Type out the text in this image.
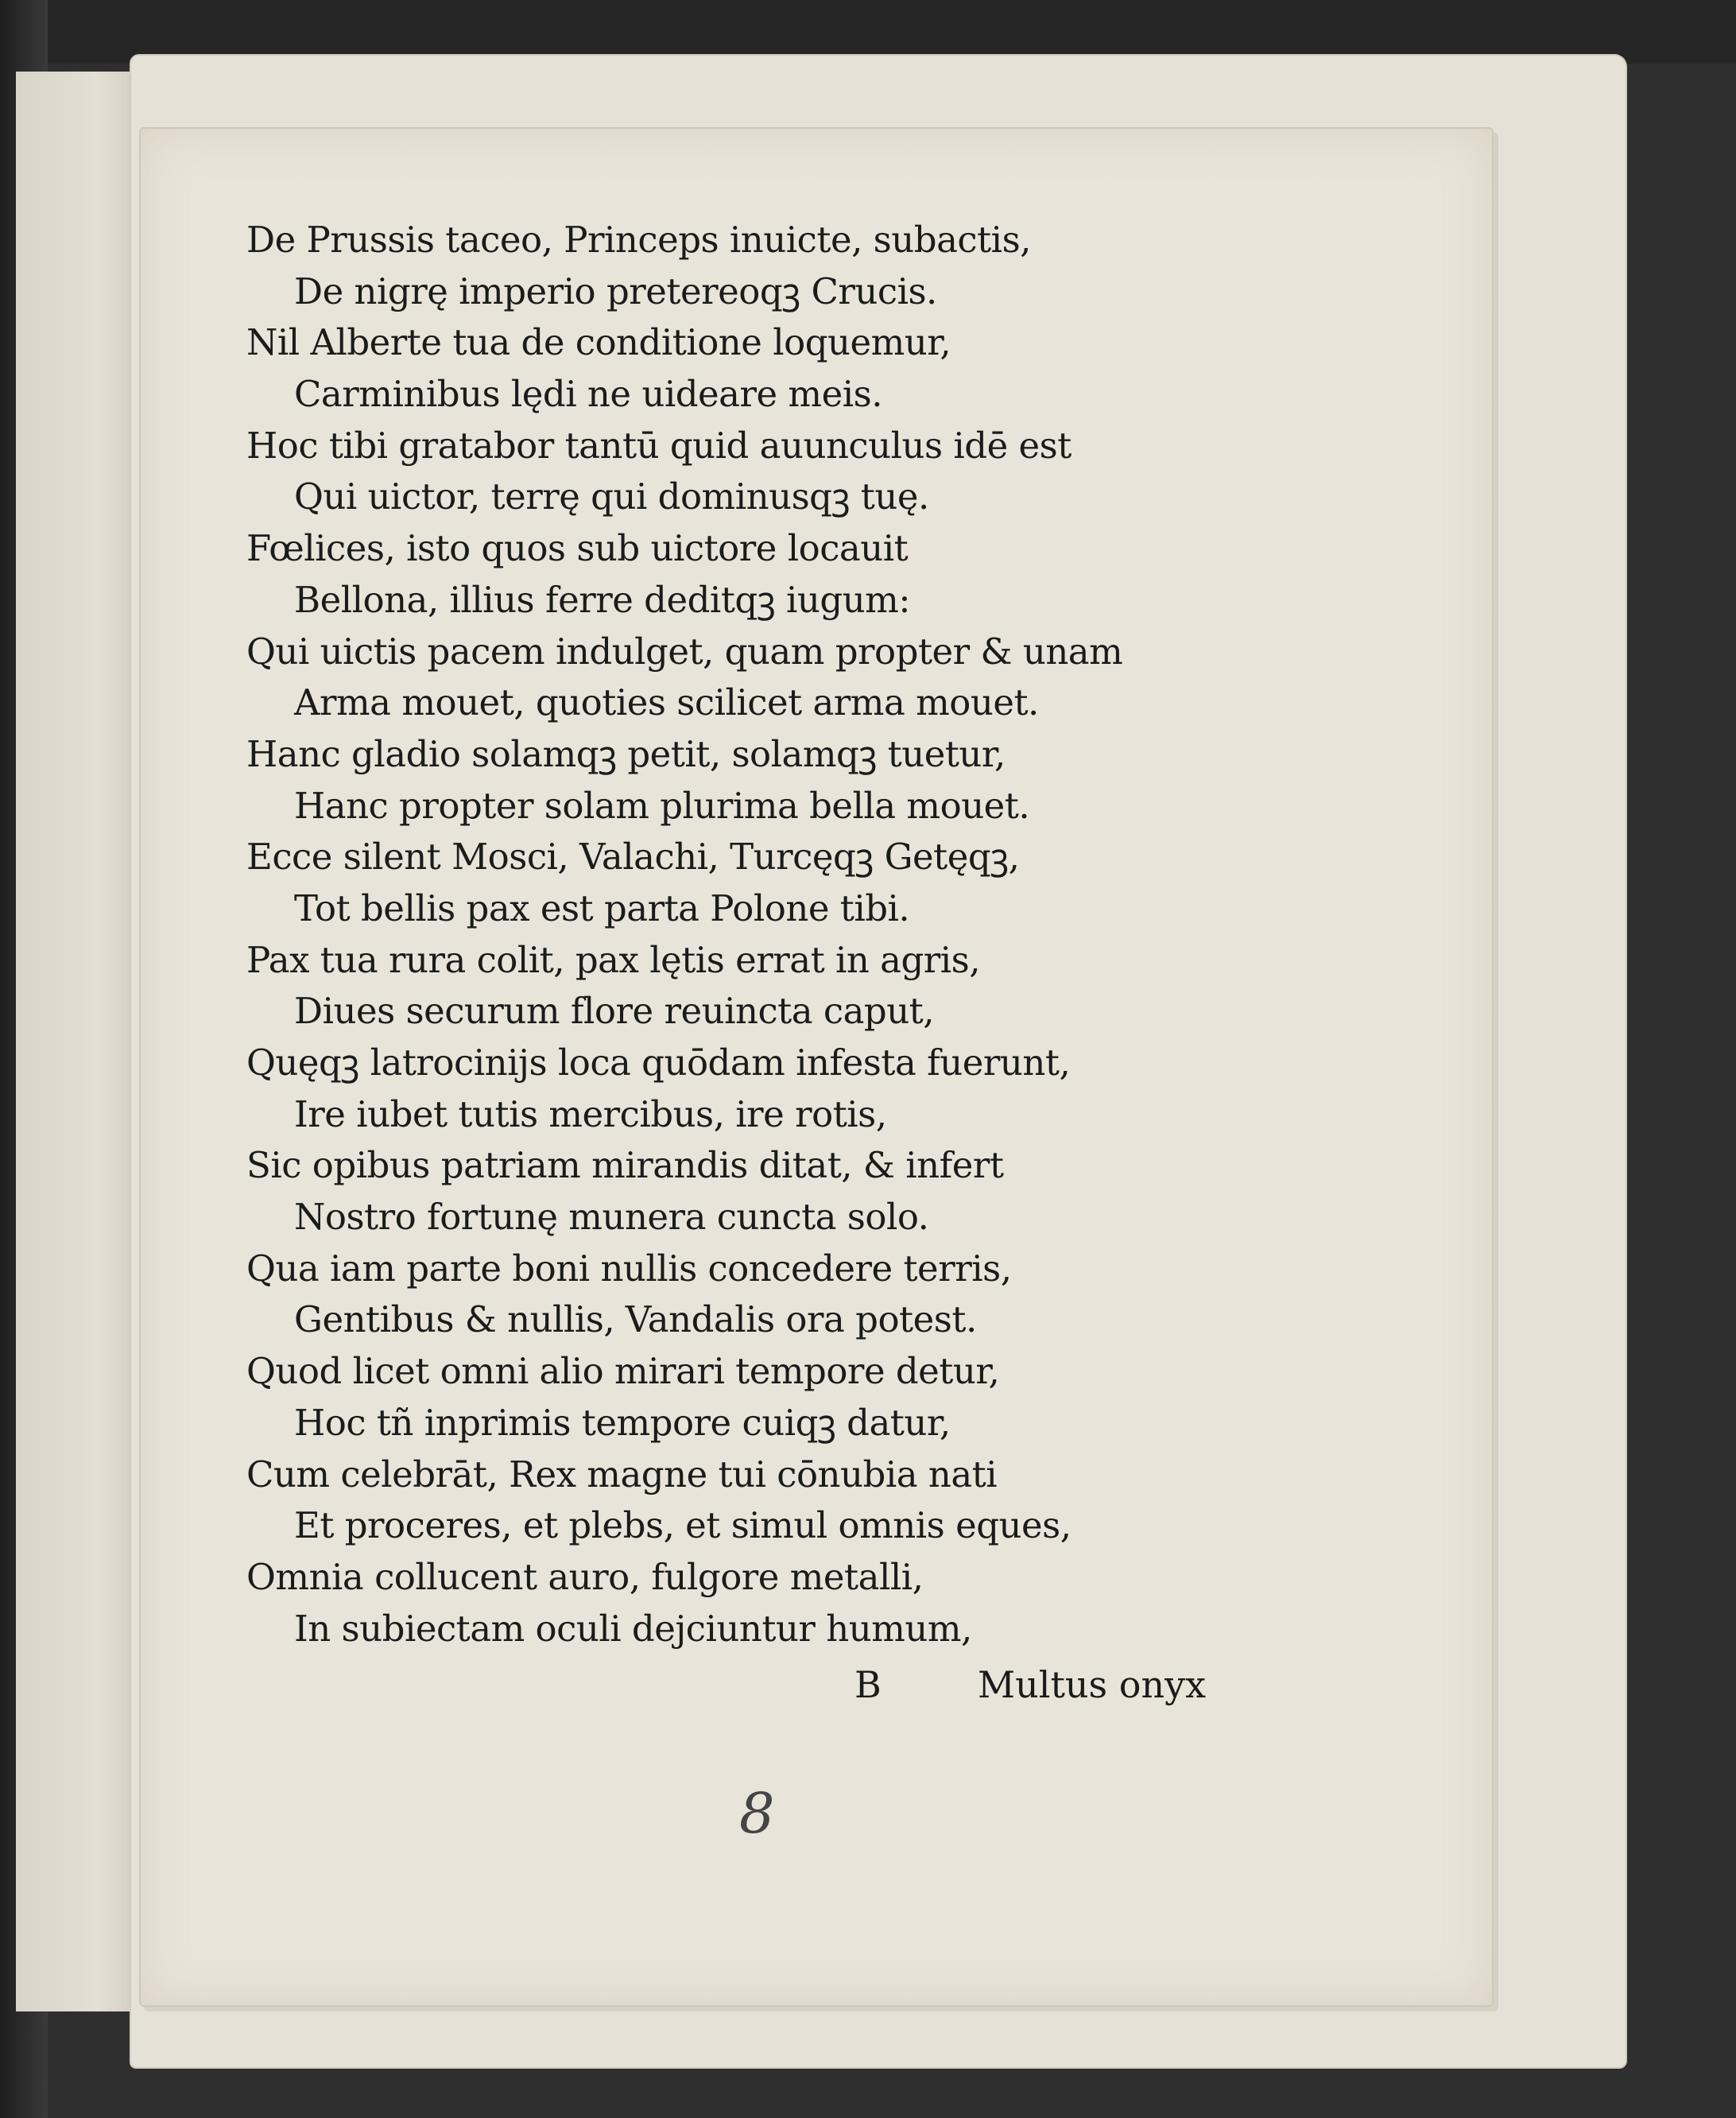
De Prussis taceo, Princeps inuicte, subactis,
De nigrę imperio pretereoqꝫ Crucis.
Nil Alberte tua de conditione loquemur,
Carminibus lędi ne uideare meis.
Hoc tibi gratabor tantū quid auunculus idē est
Qui uictor, terrę qui dominusqꝫ tuę.
Fœlices, isto quos sub uictore locauit
Bellona, illius ferre deditqꝫ iugum:
Qui uictis pacem indulget, quam propter & unam
Arma mouet, quoties scilicet arma mouet.
Hanc gladio solamqꝫ petit, solamqꝫ tuetur,
Hanc propter solam plurima bella mouet.
Ecce silent Mosci, Valachi, Turcęqꝫ Getęqꝫ,
Tot bellis pax est parta Polone tibi.
Pax tua rura colit, pax lętis errat in agris,
Diues securum flore reuincta caput,
Quęqꝫ latrociniјs loca quōdam infesta fuerunt,
Ire iubet tutis mercibus, ire rotis,
Sic opibus patriam mirandis ditat, & infert
Nostro fortunę munera cuncta solo.
Qua iam parte boni nullis concedere terris,
Gentibus & nullis, Vandalis ora potest.
Quod licet omni alio mirari tempore detur,
Hoc tñ inprimis tempore cuiqꝫ datur,
Cum celebrāt, Rex magne tui cōnubia nati
Et proceres, et plebs, et simul omnis eques,
Omnia collucent auro, fulgore metalli,
In subiectam oculi dejciuntur humum,
B	Multus onyx
8
